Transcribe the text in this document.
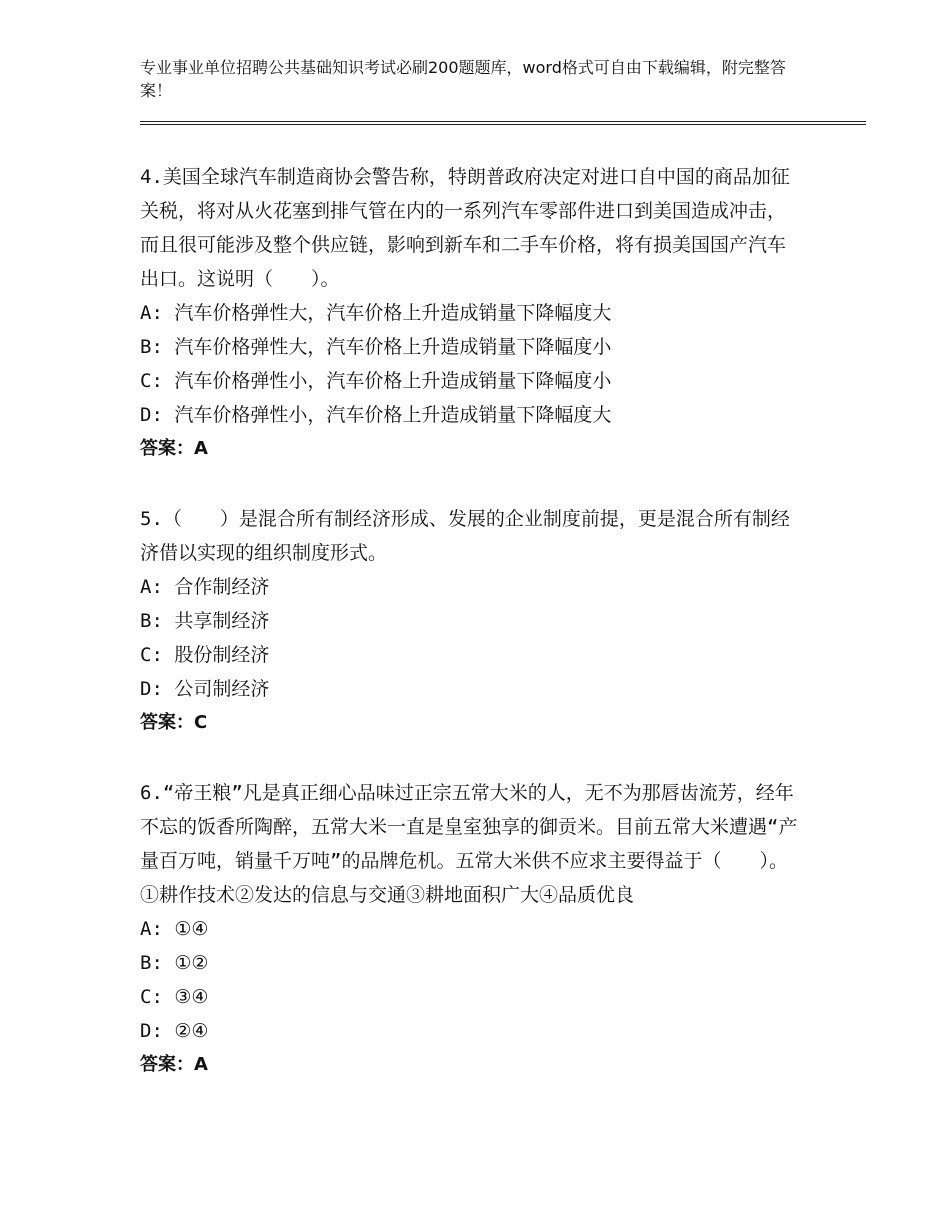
专业事业单位招聘公共基础知识考试必刷200题题库，word格式可自由下载编辑，附完整答案！

4.美国全球汽车制造商协会警告称，特朗普政府决定对进口自中国的商品加征关税，将对从火花塞到排气管在内的一系列汽车零部件进口到美国造成冲击，而且很可能涉及整个供应链，影响到新车和二手车价格，将有损美国国产汽车出口。这说明（　　）。

A: 汽车价格弹性大，汽车价格上升造成销量下降幅度大

B: 汽车价格弹性大，汽车价格上升造成销量下降幅度小

C: 汽车价格弹性小，汽车价格上升造成销量下降幅度小

D: 汽车价格弹性小，汽车价格上升造成销量下降幅度大

答案：A

5.（　　）是混合所有制经济形成、发展的企业制度前提，更是混合所有制经济借以实现的组织制度形式。

A: 合作制经济

B: 共享制经济

C: 股份制经济

D: 公司制经济

答案：C

6.“帝王粮”凡是真正细心品味过正宗五常大米的人，无不为那唇齿流芳，经年不忘的饭香所陶醉，五常大米一直是皇室独享的御贡米。目前五常大米遭遇“产量百万吨，销量千万吨”的品牌危机。五常大米供不应求主要得益于（　　）。①耕作技术②发达的信息与交通③耕地面积广大④品质优良

A: ①④

B: ①②

C: ③④

D: ②④

答案：A
